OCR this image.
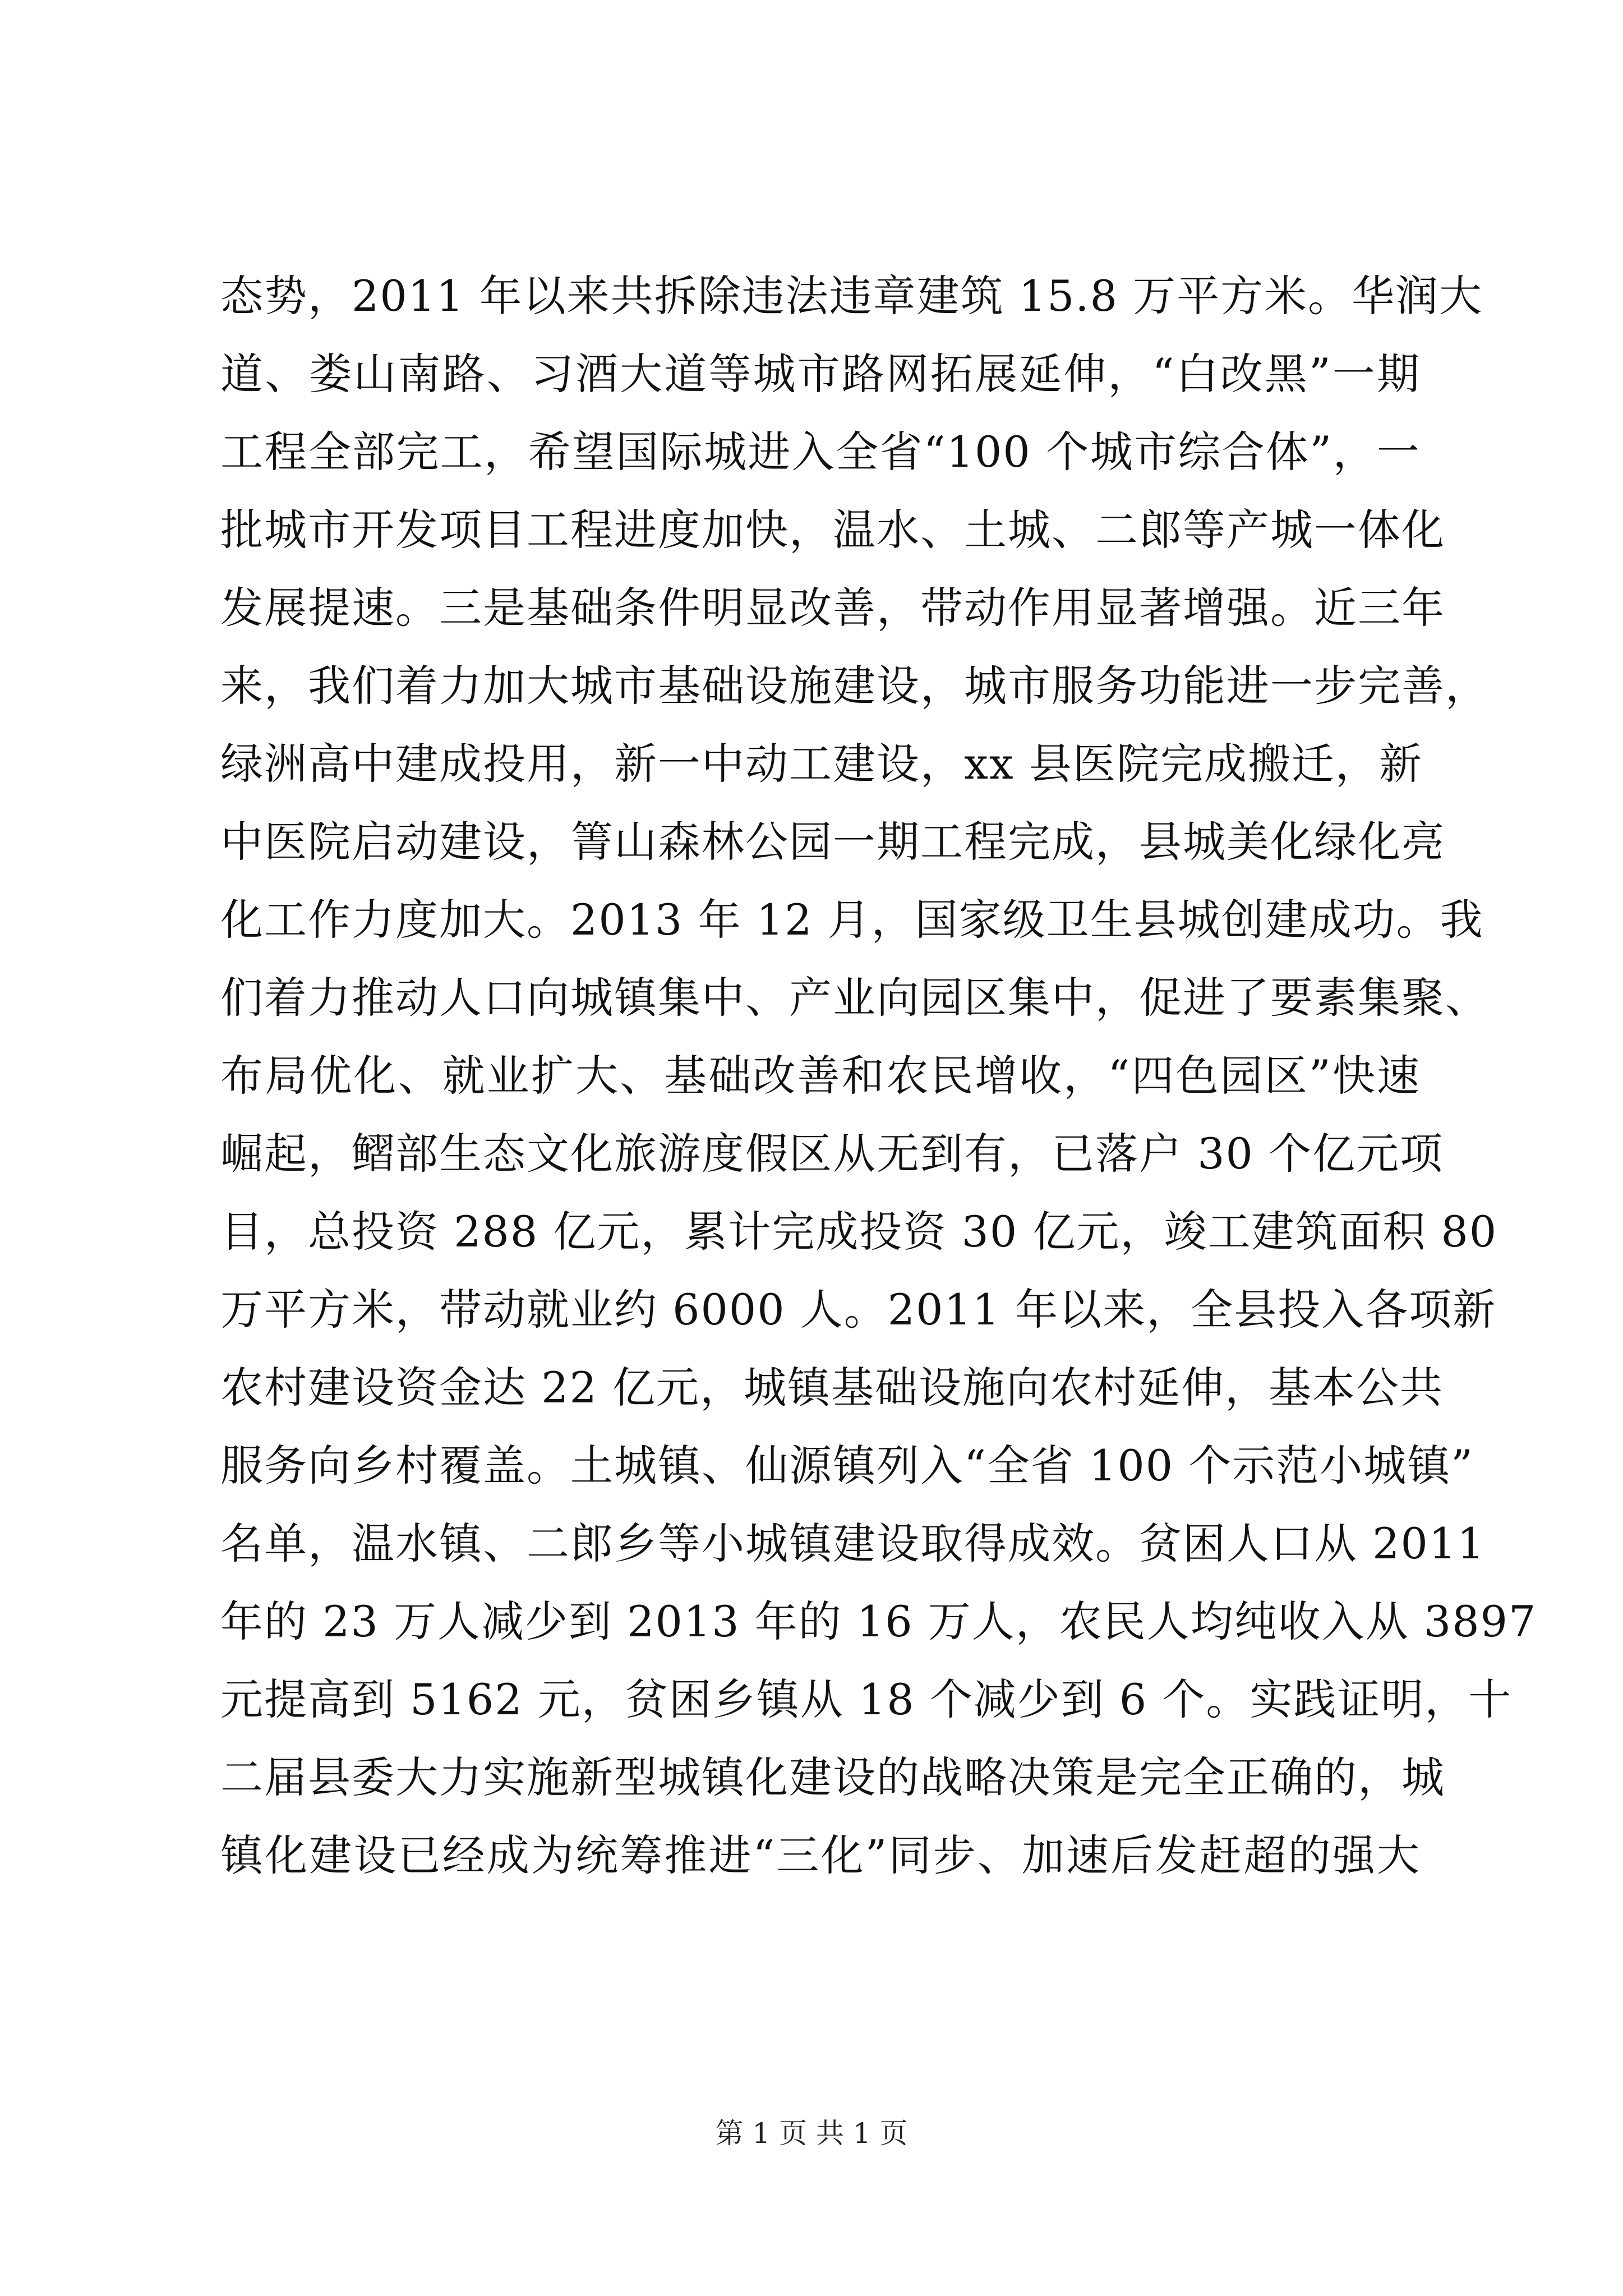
态势，2011 年以来共拆除违法违章建筑 15.8 万平方米。华润大
道、娄山南路、习酒大道等城市路网拓展延伸，“白改黑”一期
工程全部完工，希望国际城进入全省“100 个城市综合体”，一
批城市开发项目工程进度加快，温水、土城、二郎等产城一体化
发展提速。三是基础条件明显改善，带动作用显著增强。近三年
来，我们着力加大城市基础设施建设，城市服务功能进一步完善，
绿洲高中建成投用，新一中动工建设，xx 县医院完成搬迁，新
中医院启动建设，箐山森林公园一期工程完成，县城美化绿化亮
化工作力度加大。2013 年 12 月，国家级卫生县城创建成功。我
们着力推动人口向城镇集中、产业向园区集中，促进了要素集聚、
布局优化、就业扩大、基础改善和农民增收，“四色园区”快速
崛起，鳛部生态文化旅游度假区从无到有，已落户 30 个亿元项
目，总投资 288 亿元，累计完成投资 30 亿元，竣工建筑面积 80
万平方米，带动就业约 6000 人。2011 年以来，全县投入各项新
农村建设资金达 22 亿元，城镇基础设施向农村延伸，基本公共
服务向乡村覆盖。土城镇、仙源镇列入“全省 100 个示范小城镇”
名单，温水镇、二郎乡等小城镇建设取得成效。贫困人口从 2011
年的 23 万人减少到 2013 年的 16 万人，农民人均纯收入从 3897
元提高到 5162 元，贫困乡镇从 18 个减少到 6 个。实践证明，十
二届县委大力实施新型城镇化建设的战略决策是完全正确的，城
镇化建设已经成为统筹推进“三化”同步、加速后发赶超的强大
第 1 页 共 1 页
